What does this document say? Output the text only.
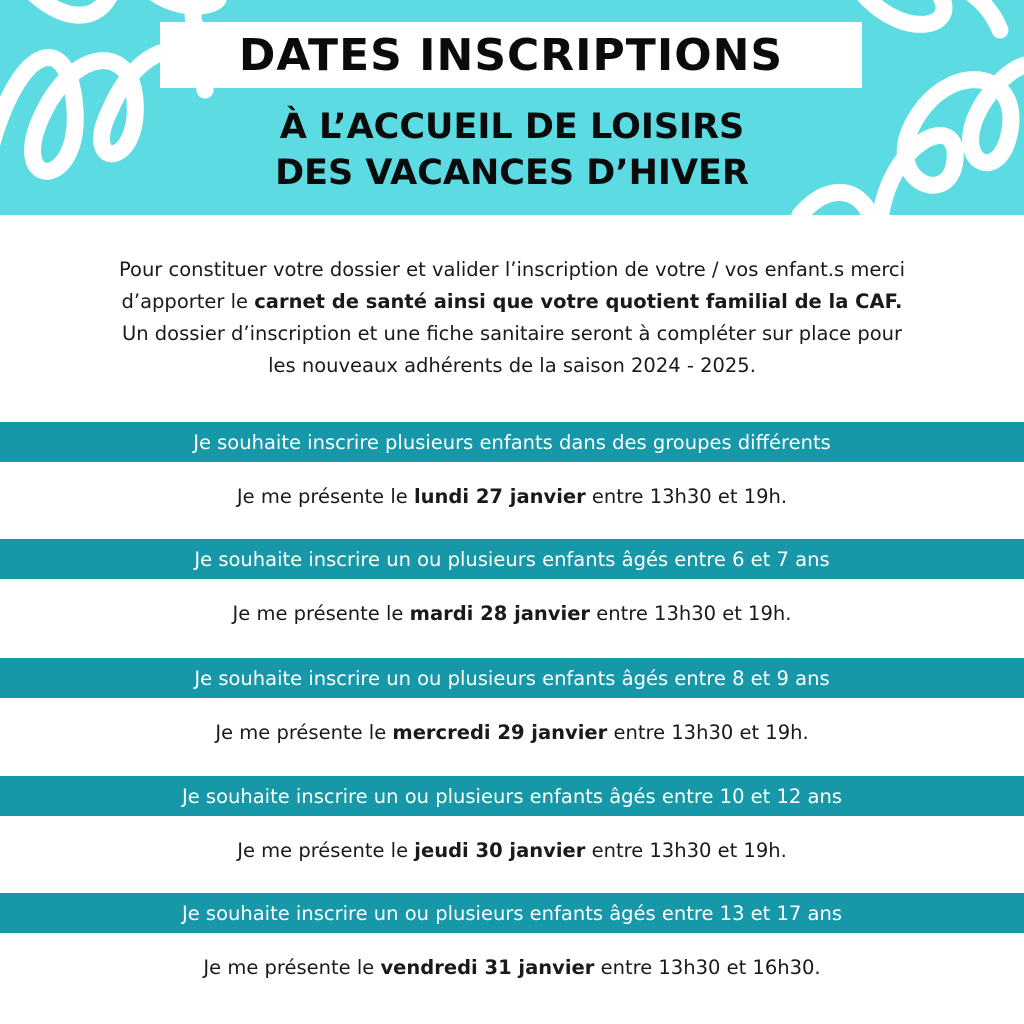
DATES INSCRIPTIONS
À L’ACCUEIL DE LOISIRS
DES VACANCES D’HIVER
Pour constituer votre dossier et valider l’inscription de votre / vos enfant.s merci
d’apporter le carnet de santé ainsi que votre quotient familial de la CAF.
Un dossier d’inscription et une fiche sanitaire seront à compléter sur place pour
les nouveaux adhérents de la saison 2024 - 2025.
Je souhaite inscrire plusieurs enfants dans des groupes différents
Je me présente le lundi 27 janvier entre 13h30 et 19h.
Je souhaite inscrire un ou plusieurs enfants âgés entre 6 et 7 ans
Je me présente le mardi 28 janvier entre 13h30 et 19h.
Je souhaite inscrire un ou plusieurs enfants âgés entre 8 et 9 ans
Je me présente le mercredi 29 janvier entre 13h30 et 19h.
Je souhaite inscrire un ou plusieurs enfants âgés entre 10 et 12 ans
Je me présente le jeudi 30 janvier entre 13h30 et 19h.
Je souhaite inscrire un ou plusieurs enfants âgés entre 13 et 17 ans
Je me présente le vendredi 31 janvier entre 13h30 et 16h30.
